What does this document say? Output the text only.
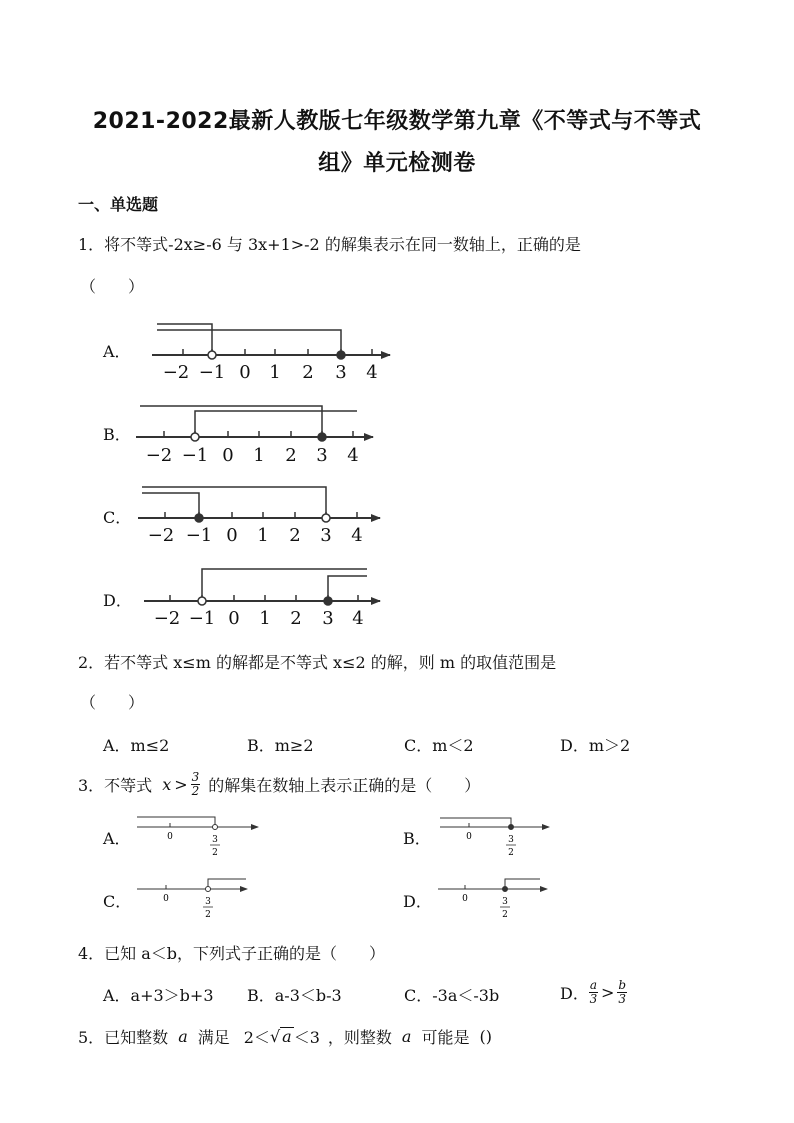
2021-2022最新人教版七年级数学第九章《不等式与不等式
组》单元检测卷
一、单选题
1．将不等式-2x≥-6 与 3x+1>-2 的解集表示在同一数轴上，正确的是
（　　）
A．
B．
C．
D．
−2 −1 0 1 2 3 4
−2 −1 0 1 2 3 4
−2 −1 0 1 2 3 4
−2 −1 0 1 2 3 4
2．若不等式 x≤m 的解都是不等式 x≤2 的解，则 m 的取值范围是
（　　）
A．m≤2	B．m≥2	C．m＜2	D．m＞2
3．不等式 $x > \frac{3}{2}$ 的解集在数轴上表示正确的是（　　）
A．	B．
C．	D．
0	3
2
0	3
2
0	3
2
0	3
2
4．已知 a＜b，下列式子正确的是（　　）
A．a+3＞b+3 B．a-3＜b-3	C．-3a＜-3b	D． $\frac{a}{3} > \frac{b}{3}$
5．已知整数 a 满足 2＜ √ a ＜3 ，则整数 a 可能是 ()
